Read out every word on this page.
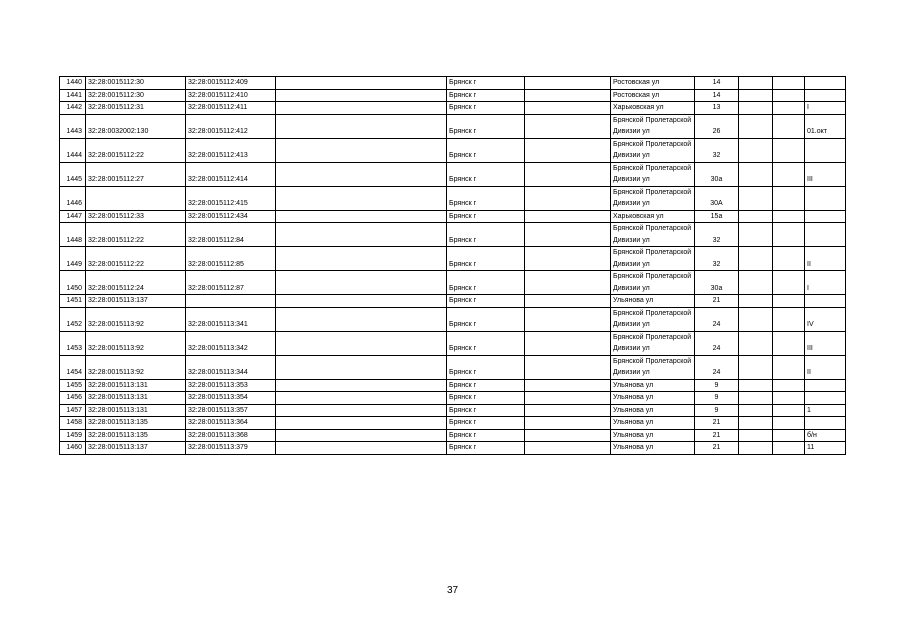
1440	32:28:0015112:30	32:28:0015112:409		Брянск г		Ростовская ул	14			
1441	32:28:0015112:30	32:28:0015112:410		Брянск г		Ростовская ул	14			
1442	32:28:0015112:31	32:28:0015112:411		Брянск г		Харьковская ул	13			I
1443	32:28:0032002:130	32:28:0015112:412		Брянск г		Брянской Пролетарской Дивизии ул	26			01.окт
1444	32:28:0015112:22	32:28:0015112:413		Брянск г		Брянской Пролетарской Дивизии ул	32			
1445	32:28:0015112:27	32:28:0015112:414		Брянск г		Брянской Пролетарской Дивизии ул	30а			III
1446		32:28:0015112:415		Брянск г		Брянской Пролетарской Дивизии ул	30А			
1447	32:28:0015112:33	32:28:0015112:434		Брянск г		Харьковская ул	15а			
1448	32:28:0015112:22	32:28:0015112:84		Брянск г		Брянской Пролетарской Дивизии ул	32			
1449	32:28:0015112:22	32:28:0015112:85		Брянск г		Брянской Пролетарской Дивизии ул	32			II
1450	32:28:0015112:24	32:28:0015112:87		Брянск г		Брянской Пролетарской Дивизии ул	30а			I
1451	32:28:0015113:137			Брянск г		Ульянова ул	21			
1452	32:28:0015113:92	32:28:0015113:341		Брянск г		Брянской Пролетарской Дивизии ул	24			IV
1453	32:28:0015113:92	32:28:0015113:342		Брянск г		Брянской Пролетарской Дивизии ул	24			III
1454	32:28:0015113:92	32:28:0015113:344		Брянск г		Брянской Пролетарской Дивизии ул	24			II
1455	32:28:0015113:131	32:28:0015113:353		Брянск г		Ульянова ул	9			
1456	32:28:0015113:131	32:28:0015113:354		Брянск г		Ульянова ул	9			
1457	32:28:0015113:131	32:28:0015113:357		Брянск г		Ульянова ул	9			1
1458	32:28:0015113:135	32:28:0015113:364		Брянск г		Ульянова ул	21			
1459	32:28:0015113:135	32:28:0015113:368		Брянск г		Ульянова ул	21			б/н
1460	32:28:0015113:137	32:28:0015113:379		Брянск г		Ульянова ул	21			11
37
